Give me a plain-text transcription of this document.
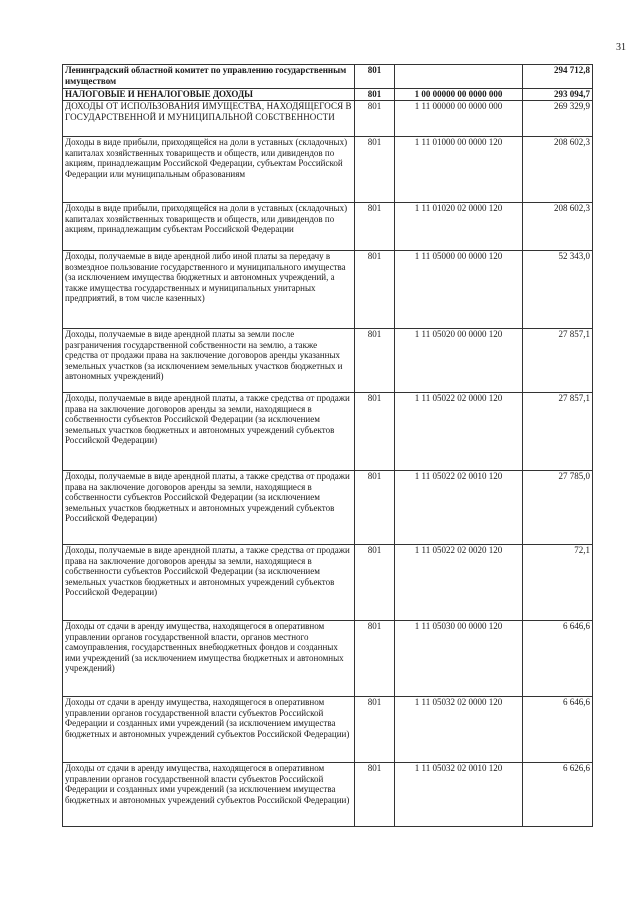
31
Ленинградский областной комитет по управлению государственным имуществом	801		294 712,8
НАЛОГОВЫЕ И НЕНАЛОГОВЫЕ ДОХОДЫ	801	1 00 00000 00 0000 000	293 094,7
ДОХОДЫ ОТ ИСПОЛЬЗОВАНИЯ ИМУЩЕСТВА, НАХОДЯЩЕГОСЯ В ГОСУДАРСТВЕННОЙ И МУНИЦИПАЛЬНОЙ СОБСТВЕННОСТИ	801	1 11 00000 00 0000 000	269 329,9
Доходы в виде прибыли, приходящейся на доли в уставных (складочных) капиталах хозяйственных товариществ и обществ, или дивидендов по акциям, принадлежащим Российской Федерации, субъектам Российской Федерации или муниципальным образованиям	801	1 11 01000 00 0000 120	208 602,3
Доходы в виде прибыли, приходящейся на доли в уставных (складочных) капиталах хозяйственных товариществ и обществ, или дивидендов по акциям, принадлежащим субъектам Российской Федерации	801	1 11 01020 02 0000 120	208 602,3
Доходы, получаемые в виде арендной либо иной платы за передачу в возмездное пользование государственного и муниципального имущества (за исключением имущества бюджетных и автономных учреждений, а также имущества государственных и муниципальных унитарных предприятий, в том числе казенных)	801	1 11 05000 00 0000 120	52 343,0
Доходы, получаемые в виде арендной платы за земли после разграничения государственной собственности на землю, а также средства от продажи права на заключение договоров аренды указанных земельных участков (за исключением земельных участков бюджетных и автономных учреждений)	801	1 11 05020 00 0000 120	27 857,1
Доходы, получаемые в виде арендной платы, а также средства от продажи права на заключение договоров аренды за земли, находящиеся в собственности субъектов Российской Федерации (за исключением земельных участков бюджетных и автономных учреждений субъектов Российской Федерации)	801	1 11 05022 02 0000 120	27 857,1
Доходы, получаемые в виде арендной платы, а также средства от продажи права на заключение договоров аренды за земли, находящиеся в собственности субъектов Российской Федерации (за исключением земельных участков бюджетных и автономных учреждений субъектов Российской Федерации)	801	1 11 05022 02 0010 120	27 785,0
Доходы, получаемые в виде арендной платы, а также средства от продажи права на заключение договоров аренды за земли, находящиеся в собственности субъектов Российской Федерации (за исключением земельных участков бюджетных и автономных учреждений субъектов Российской Федерации)	801	1 11 05022 02 0020 120	72,1
Доходы от сдачи в аренду имущества, находящегося в оперативном управлении органов государственной власти, органов местного самоуправления, государственных внебюджетных фондов и созданных ими учреждений (за исключением имущества бюджетных и автономных учреждений)	801	1 11 05030 00 0000 120	6 646,6
Доходы от сдачи в аренду имущества, находящегося в оперативном управлении органов государственной власти субъектов Российской Федерации и созданных ими учреждений (за исключением имущества бюджетных и автономных учреждений субъектов Российской Федерации)	801	1 11 05032 02 0000 120	6 646,6
Доходы от сдачи в аренду имущества, находящегося в оперативном управлении органов государственной власти субъектов Российской Федерации и созданных ими учреждений (за исключением имущества бюджетных и автономных учреждений субъектов Российской Федерации)	801	1 11 05032 02 0010 120	6 626,6
